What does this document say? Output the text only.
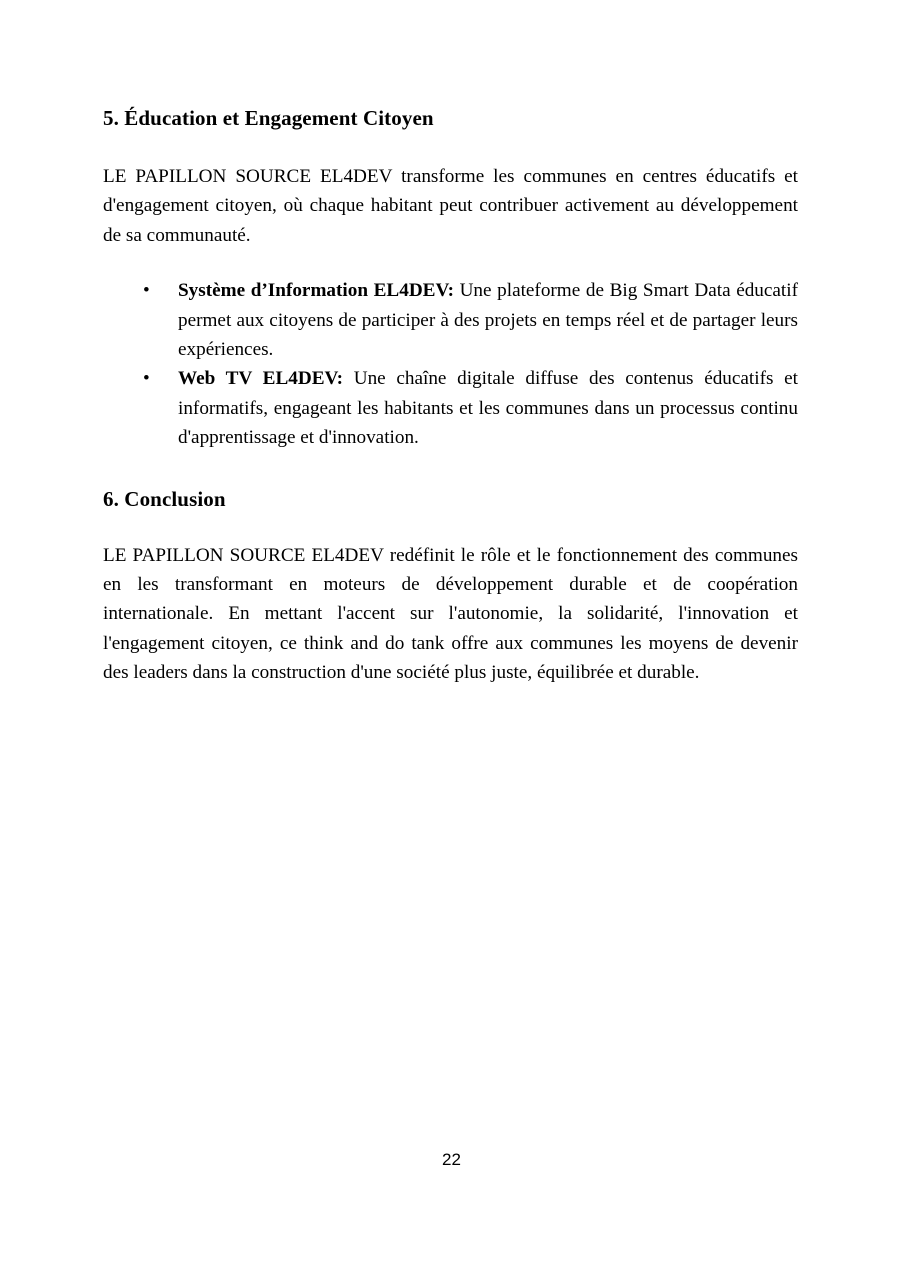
5. Éducation et Engagement Citoyen

LE PAPILLON SOURCE EL4DEV transforme les communes en centres éducatifs et d'engagement citoyen, où chaque habitant peut contribuer activement au développement de sa communauté.

• Système d’Information EL4DEV: Une plateforme de Big Smart Data éducatif permet aux citoyens de participer à des projets en temps réel et de partager leurs expériences.
• Web TV EL4DEV: Une chaîne digitale diffuse des contenus éducatifs et informatifs, engageant les habitants et les communes dans un processus continu d'apprentissage et d'innovation.
6. Conclusion

LE PAPILLON SOURCE EL4DEV redéfinit le rôle et le fonctionnement des communes en les transformant en moteurs de développement durable et de coopération internationale. En mettant l'accent sur l'autonomie, la solidarité, l'innovation et l'engagement citoyen, ce think and do tank offre aux communes les moyens de devenir des leaders dans la construction d'une société plus juste, équilibrée et durable.

22
